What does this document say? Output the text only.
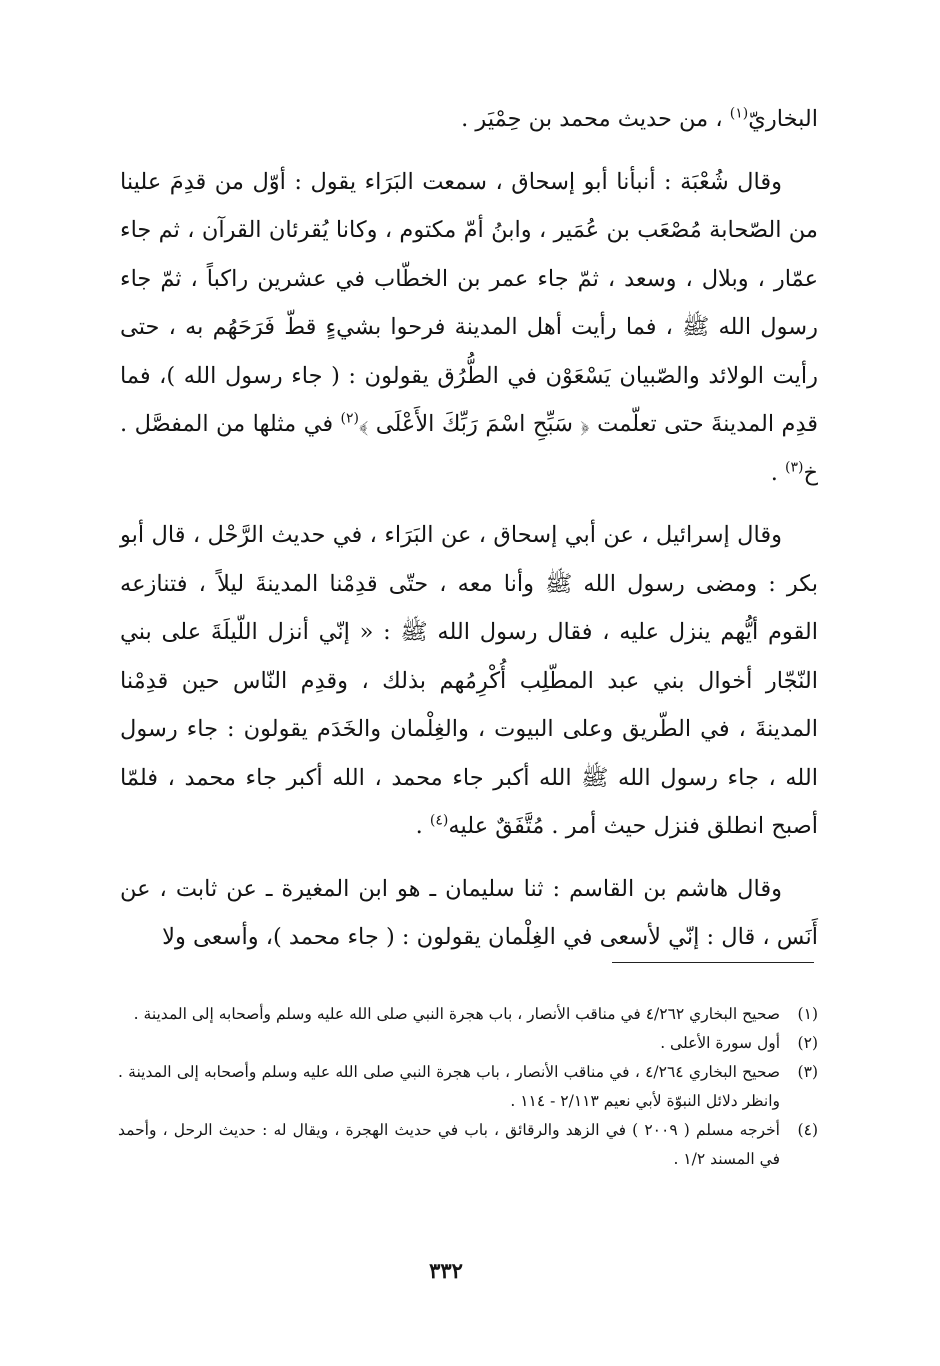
البخاريّ$^{(١)}$ ، من حديث محمد بن حِمْيَر .

وقال شُعْبَة : أنبأنا أبو إسحاق ، سمعت البَرَاء يقول : أوّل من قدِمَ علينا من الصّحابة مُصْعَب بن عُمَير ، وابنُ أمّ مكتوم ، وكانا يُقرئان القرآن ، ثم جاء عمّار ، وبلال ، وسعد ، ثمّ جاء عمر بن الخطّاب في عشرين راكباً ، ثمّ جاء رسول الله ﷺ ، فما رأيت أهل المدينة فرحوا بشيءٍ قطّ فَرَحَهُم به ، حتى رأيت الولائد والصّبيان يَسْعَوْن في الطُّرُق يقولون : ( جاء رسول الله )، فما قدِم المدينةَ حتى تعلّمت ﴿ سَبِّحِ اسْمَ رَبِّكَ الأَعْلَى ﴾$^{(٢)}$ في مثلها من المفصَّل . خ$^{(٣)}$ .

وقال إسرائيل ، عن أبي إسحاق ، عن البَرَاء ، في حديث الرَّحْل ، قال أبو بكر : ومضى رسول الله ﷺ وأنا معه ، حتّى قدِمْنا المدينةَ ليلاً ، فتنازعه القوم أيُّهم ينزل عليه ، فقال رسول الله ﷺ : « إنّي أنزل اللّيلَةَ على بني النّجّار أخوال بني عبد المطّلِب أُكْرِمُهم بذلك ، وقدِم النّاس حين قدِمْنا المدينةَ ، في الطّريق وعلى البيوت ، والغِلْمان والخَدَم يقولون : جاء رسول الله ، جاء رسول الله ﷺ الله أكبر جاء محمد ، الله أكبر جاء محمد ، فلمّا أصبح انطلق فنزل حيث أمر . مُتَّفَقٌ عليه$^{(٤)}$ .

وقال هاشم بن القاسم : ثنا سليمان ـ هو ابن المغيرة ـ عن ثابت ، عن أَنَس ، قال : إنّي لأسعى في الغِلْمان يقولون : ( جاء محمد )، وأسعى ولا

(١)
صحيح البخاري ٤/٢٦٢ في مناقب الأنصار ، باب هجرة النبي صلى الله عليه وسلم وأصحابه إلى المدينة .

(٢)
أول سورة الأعلى .

(٣)
صحيح البخاري ٤/٢٦٤ ، في مناقب الأنصار ، باب هجرة النبي صلى الله عليه وسلم وأصحابه إلى المدينة . وانظر دلائل النبوّة لأبي نعيم ٢/١١٣ - ١١٤ .

(٤)
أخرجه مسلم ( ٢٠٠٩ ) في الزهد والرقائق ، باب في حديث الهجرة ، ويقال له : حديث الرحل ، وأحمد في المسند ١/٢ .

٣٣٢
